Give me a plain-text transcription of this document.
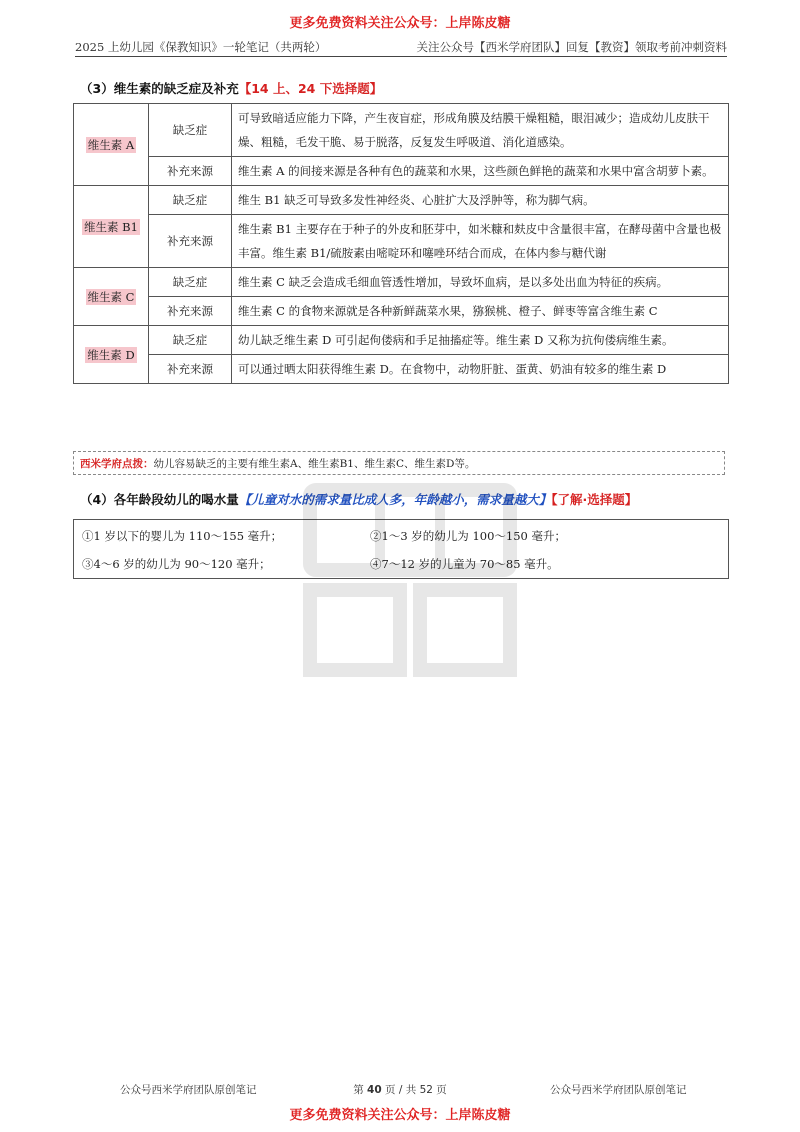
更多免费资料关注公众号：上岸陈皮糖
2025 上幼儿园《保教知识》一轮笔记（共两轮）	关注公众号【西米学府团队】回复【教资】领取考前冲刺资料
（3）维生素的缺乏症及补充【14 上、24 下选择题】
维生素 A	缺乏症	可导致暗适应能力下降，产生夜盲症，形成角膜及结膜干燥粗糙，眼泪减少；造成幼儿皮肤干燥、粗糙，毛发干脆、易于脱落，反复发生呼吸道、消化道感染。
	补充来源	维生素 A 的间接来源是各种有色的蔬菜和水果，这些颜色鲜艳的蔬菜和水果中富含胡萝卜素。
维生素 B1	缺乏症	维生 B1 缺乏可导致多发性神经炎、心脏扩大及浮肿等，称为脚气病。
	补充来源	维生素 B1 主要存在于种子的外皮和胚芽中，如米糠和麸皮中含量很丰富，在酵母菌中含量也极丰富。维生素 B1/硫胺素由嘧啶环和噻唑环结合而成，在体内参与糖代谢
维生素 C	缺乏症	维生素 C 缺乏会造成毛细血管透性增加，导致坏血病，是以多处出血为特征的疾病。
	补充来源	维生素 C 的食物来源就是各种新鲜蔬菜水果，猕猴桃、橙子、鲜枣等富含维生素 C
维生素 D	缺乏症	幼儿缺乏维生素 D 可引起佝偻病和手足抽搐症等。维生素 D 又称为抗佝偻病维生素。
	补充来源	可以通过晒太阳获得维生素 D。在食物中，动物肝脏、蛋黄、奶油有较多的维生素 D
西米学府点拨：幼儿容易缺乏的主要有维生素A、维生素B1、维生素C、维生素D等。
（4）各年龄段幼儿的喝水量【儿童对水的需求量比成人多，年龄越小，需求量越大】【了解·选择题】
①1 岁以下的婴儿为 110～155 毫升；	②1～3 岁的幼儿为 100～150 毫升；
③4～6 岁的幼儿为 90～120 毫升；	④7～12 岁的儿童为 70～85 毫升。
公众号西米学府团队原创笔记	第 40 页 / 共 52 页	公众号西米学府团队原创笔记
更多免费资料关注公众号：上岸陈皮糖
